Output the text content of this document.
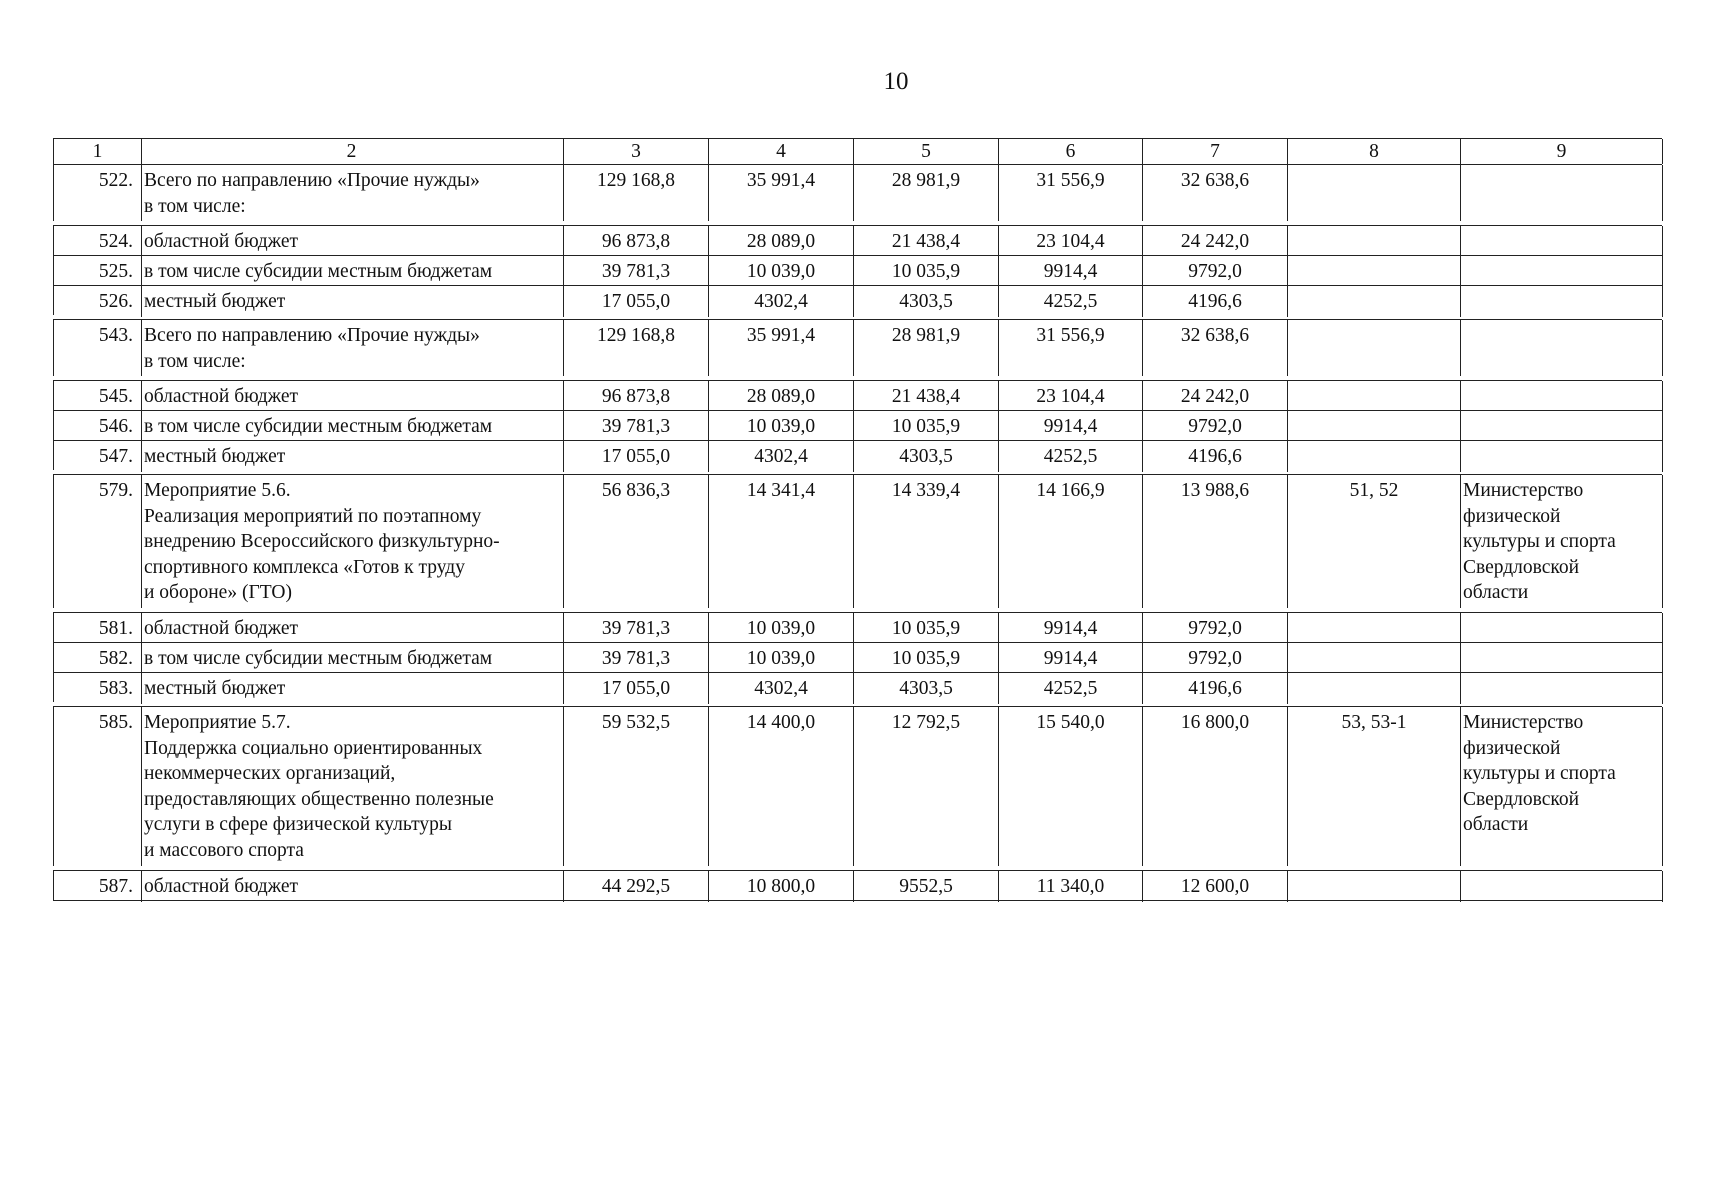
10
1	2	3	4	5	6	7	8	9
522. Всего по направлению «Прочие нужды»
в том числе:
129 168,8	35 991,4	28 981,9	31 556,9	32 638,6
524. областной бюджет	96 873,8	28 089,0	21 438,4	23 104,4	24 242,0
525. в том числе субсидии местным бюджетам	39 781,3	10 039,0	10 035,9	9914,4	9792,0
526. местный бюджет	17 055,0	4302,4	4303,5	4252,5	4196,6
543. Всего по направлению «Прочие нужды»
в том числе:
129 168,8	35 991,4	28 981,9	31 556,9	32 638,6
545. областной бюджет	96 873,8	28 089,0	21 438,4	23 104,4	24 242,0
546. в том числе субсидии местным бюджетам	39 781,3	10 039,0	10 035,9	9914,4	9792,0
547. местный бюджет	17 055,0	4302,4	4303,5	4252,5	4196,6
579. Мероприятие 5.6.
Реализация мероприятий по поэтапному
внедрению Всероссийского физкультурно-
спортивного комплекса «Готов к труду
и обороне» (ГТО)
56 836,3	14 341,4	14 339,4	14 166,9	13 988,6	51, 52	Министерство
физической
культуры и спорта
Свердловской
области
581. областной бюджет	39 781,3	10 039,0	10 035,9	9914,4	9792,0
582. в том числе субсидии местным бюджетам	39 781,3	10 039,0	10 035,9	9914,4	9792,0
583. местный бюджет	17 055,0	4302,4	4303,5	4252,5	4196,6
585. Мероприятие 5.7.
Поддержка социально ориентированных
некоммерческих организаций,
предоставляющих общественно полезные
услуги в сфере физической культуры
и массового спорта
59 532,5	14 400,0	12 792,5	15 540,0	16 800,0	53, 53-1	Министерство
физической
культуры и спорта
Свердловской
области
587. областной бюджет	44 292,5	10 800,0	9552,5	11 340,0	12 600,0
